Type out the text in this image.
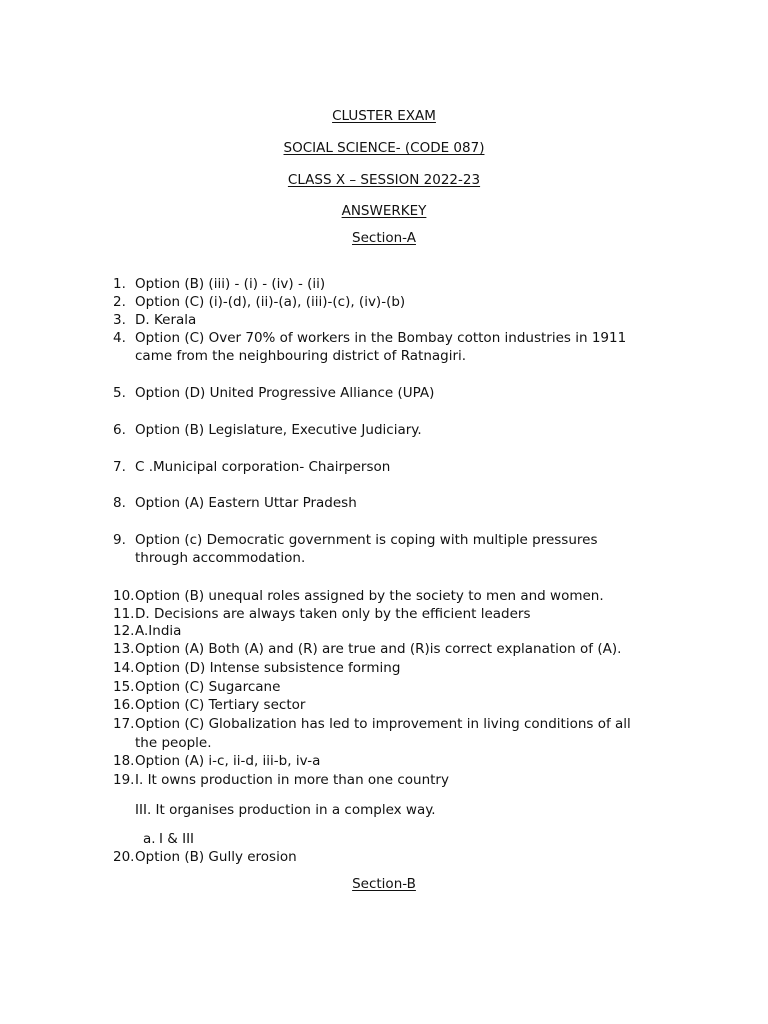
CLUSTER EXAM
SOCIAL SCIENCE- (CODE 087)
CLASS X – SESSION 2022-23
ANSWERKEY
Section-A
1. Option (B) (iii) - (i) - (iv) - (ii)
2. Option (C) (i)-(d), (ii)-(a), (iii)-(c), (iv)-(b)
3. D. Kerala
4. Option (C) Over 70% of workers in the Bombay cotton industries in 1911
came from the neighbouring district of Ratnagiri.
5. Option (D) United Progressive Alliance (UPA)
6. Option (B) Legislature, Executive Judiciary.
7. C .Municipal corporation- Chairperson
8. Option (A) Eastern Uttar Pradesh
9. Option (c) Democratic government is coping with multiple pressures
through accommodation.
10. Option (B) unequal roles assigned by the society to men and women.
11. D. Decisions are always taken only by the efficient leaders
12. A.India
13. Option (A) Both (A) and (R) are true and (R)is correct explanation of (A).
14. Option (D) Intense subsistence forming
15. Option (C) Sugarcane
16. Option (C) Tertiary sector
17. Option (C) Globalization has led to improvement in living conditions of all
the people.
18. Option (A) i-c, ii-d, iii-b, iv-a
19. I. It owns production in more than one country
III. It organises production in a complex way.
a. I & III
20. Option (B) Gully erosion
Section-B
